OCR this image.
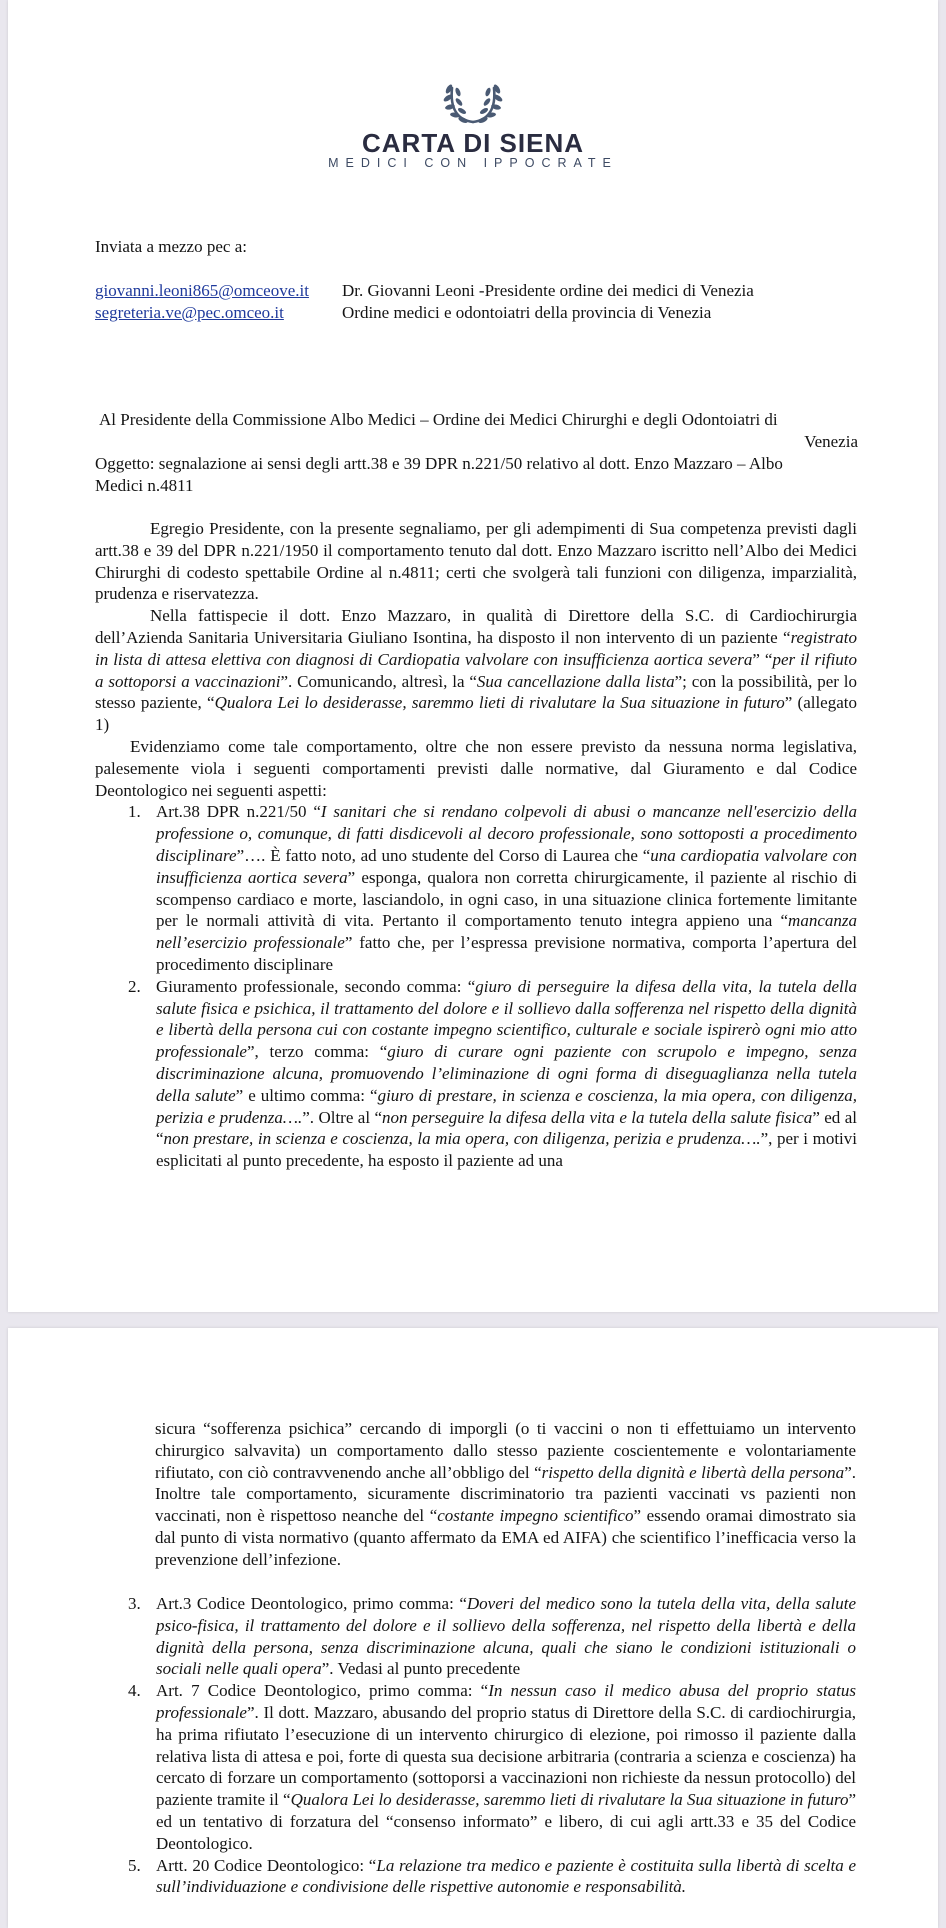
CARTA DI SIENA
MEDICI CON IPPOCRATE
Inviata a mezzo pec a:
giovanni.leoni865@omceove.it	Dr. Giovanni Leoni -Presidente ordine dei medici di Venezia
segreteria.ve@pec.omceo.it	Ordine medici e odontoiatri della provincia di Venezia
Al Presidente della Commissione Albo Medici – Ordine dei Medici Chirurghi e degli Odontoiatri di
Venezia
Oggetto: segnalazione ai sensi degli artt.38 e 39 DPR n.221/50 relativo al dott. Enzo Mazzaro – Albo Medici n.4811

Egregio Presidente, con la presente segnaliamo, per gli adempimenti di Sua competenza previsti dagli artt.38 e 39 del DPR n.221/1950 il comportamento tenuto dal dott. Enzo Mazzaro iscritto nell’Albo dei Medici Chirurghi di codesto spettabile Ordine al n.4811; certi che svolgerà tali funzioni con diligenza, imparzialità, prudenza e riservatezza.

Nella fattispecie il dott. Enzo Mazzaro, in qualità di Direttore della S.C. di Cardiochirurgia dell’Azienda Sanitaria Universitaria Giuliano Isontina, ha disposto il non intervento di un paziente “registrato in lista di attesa elettiva con diagnosi di Cardiopatia valvolare con insufficienza aortica severa” “per il rifiuto a sottoporsi a vaccinazioni”. Comunicando, altresì, la “Sua cancellazione dalla lista”; con la possibilità, per lo stesso paziente, “Qualora Lei lo desiderasse, saremmo lieti di rivalutare la Sua situazione in futuro” (allegato 1)

Evidenziamo come tale comportamento, oltre che non essere previsto da nessuna norma legislativa, palesemente viola i seguenti comportamenti previsti dalle normative, dal Giuramento e dal Codice Deontologico nei seguenti aspetti:

1. Art.38 DPR n.221/50 “I sanitari che si rendano colpevoli di abusi o mancanze nell'esercizio della professione o, comunque, di fatti disdicevoli al decoro professionale, sono sottoposti a procedimento disciplinare”…. È fatto noto, ad uno studente del Corso di Laurea che “una cardiopatia valvolare con insufficienza aortica severa” esponga, qualora non corretta chirurgicamente, il paziente al rischio di scompenso cardiaco e morte, lasciandolo, in ogni caso, in una situazione clinica fortemente limitante per le normali attività di vita. Pertanto il comportamento tenuto integra appieno una “mancanza nell’esercizio professionale” fatto che, per l’espressa previsione normativa, comporta l’apertura del procedimento disciplinare
2. Giuramento professionale, secondo comma: “giuro di perseguire la difesa della vita, la tutela della salute fisica e psichica, il trattamento del dolore e il sollievo dalla sofferenza nel rispetto della dignità e libertà della persona cui con costante impegno scientifico, culturale e sociale ispirerò ogni mio atto professionale”, terzo comma: “giuro di curare ogni paziente con scrupolo e impegno, senza discriminazione alcuna, promuovendo l’eliminazione di ogni forma di diseguaglianza nella tutela della salute” e ultimo comma: “giuro di prestare, in scienza e coscienza, la mia opera, con diligenza, perizia e prudenza….”. Oltre al “non perseguire la difesa della vita e la tutela della salute fisica” ed al “non prestare, in scienza e coscienza, la mia opera, con diligenza, perizia e prudenza….”, per i motivi esplicitati al punto precedente, ha esposto il paziente ad una

sicura “sofferenza psichica” cercando di imporgli (o ti vaccini o non ti effettuiamo un intervento chirurgico salvavita) un comportamento dallo stesso paziente coscientemente e volontariamente rifiutato, con ciò contravvenendo anche all’obbligo del “rispetto della dignità e libertà della persona”. Inoltre tale comportamento, sicuramente discriminatorio tra pazienti vaccinati vs pazienti non vaccinati, non è rispettoso neanche del “costante impegno scientifico” essendo oramai dimostrato sia dal punto di vista normativo (quanto affermato da EMA ed AIFA) che scientifico l’inefficacia verso la prevenzione dell’infezione.

3. Art.3 Codice Deontologico, primo comma: “Doveri del medico sono la tutela della vita, della salute psico-fisica, il trattamento del dolore e il sollievo della sofferenza, nel rispetto della libertà e della dignità della persona, senza discriminazione alcuna, quali che siano le condizioni istituzionali o sociali nelle quali opera”. Vedasi al punto precedente
4. Art. 7 Codice Deontologico, primo comma: “In nessun caso il medico abusa del proprio status professionale”. Il dott. Mazzaro, abusando del proprio status di Direttore della S.C. di cardiochirurgia, ha prima rifiutato l’esecuzione di un intervento chirurgico di elezione, poi rimosso il paziente dalla relativa lista di attesa e poi, forte di questa sua decisione arbitraria (contraria a scienza e coscienza) ha cercato di forzare un comportamento (sottoporsi a vaccinazioni non richieste da nessun protocollo) del paziente tramite il “Qualora Lei lo desiderasse, saremmo lieti di rivalutare la Sua situazione in futuro” ed un tentativo di forzatura del “consenso informato” e libero, di cui agli artt.33 e 35 del Codice Deontologico.
5. Artt. 20 Codice Deontologico: “La relazione tra medico e paziente è costituita sulla libertà di scelta e sull’individuazione e condivisione delle rispettive autonomie e responsabilità.
